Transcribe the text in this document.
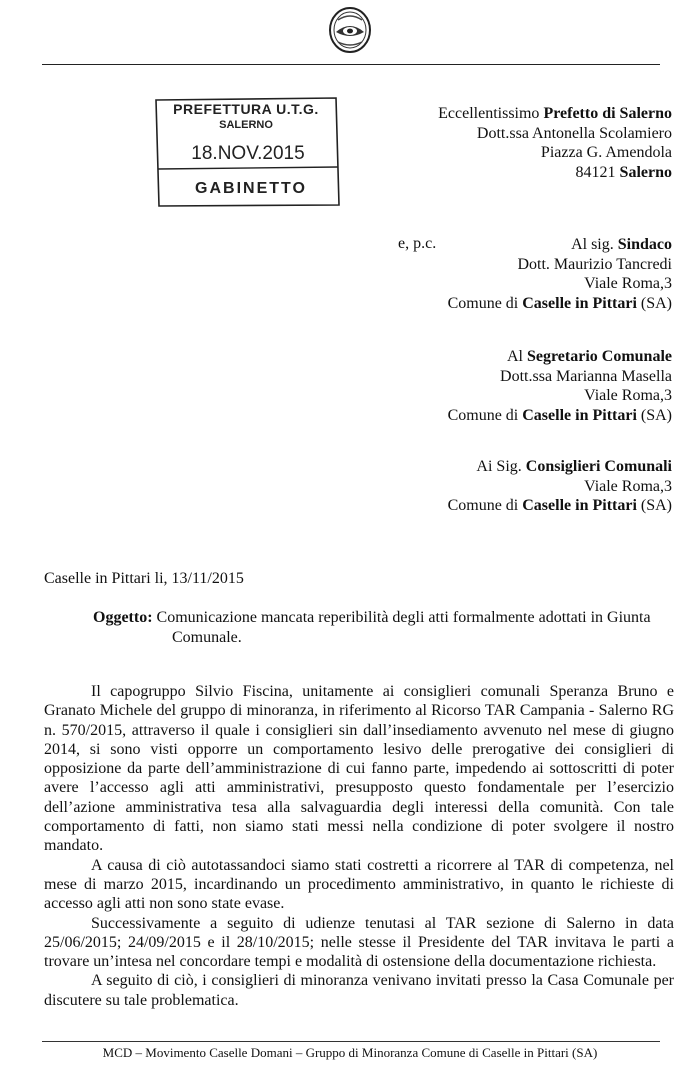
PREFETTURA U.T.G.
SALERNO
18.NOV.2015
GABINETTO
Eccellentissimo Prefetto di Salerno
Dott.ssa Antonella Scolamiero
Piazza G. Amendola
84121 Salerno
e, p.c.	Al sig. Sindaco
Dott. Maurizio Tancredi
Viale Roma,3
Comune di Caselle in Pittari (SA)
Al Segretario Comunale
Dott.ssa Marianna Masella
Viale Roma,3
Comune di Caselle in Pittari (SA)
Ai Sig. Consiglieri Comunali
Viale Roma,3
Comune di Caselle in Pittari (SA)
Caselle in Pittari li, 13/11/2015
Oggetto: Comunicazione mancata reperibilità degli atti formalmente adottati in Giunta
Comunale.

Il capogruppo Silvio Fiscina, unitamente ai consiglieri comunali Speranza Bruno e Granato Michele del gruppo di minoranza, in riferimento al Ricorso TAR Campania - Salerno RG n. 570/2015, attraverso il quale i consiglieri sin dall’insediamento avvenuto nel mese di giugno 2014, si sono visti opporre un comportamento lesivo delle prerogative dei consiglieri di opposizione da parte dell’amministrazione di cui fanno parte, impedendo ai sottoscritti di poter avere l’accesso agli atti amministrativi, presupposto questo fondamentale per l’esercizio dell’azione amministrativa tesa alla salvaguardia degli interessi della comunità. Con tale comportamento di fatti, non siamo stati messi nella condizione di poter svolgere il nostro mandato.

A causa di ciò autotassandoci siamo stati costretti a ricorrere al TAR di competenza, nel mese di marzo 2015, incardinando un procedimento amministrativo, in quanto le richieste di accesso agli atti non sono state evase.

Successivamente a seguito di udienze tenutasi al TAR sezione di Salerno in data 25/06/2015; 24/09/2015 e il 28/10/2015; nelle stesse il Presidente del TAR invitava le parti a trovare un’intesa nel concordare tempi e modalità di ostensione della documentazione richiesta.

A seguito di ciò, i consiglieri di minoranza venivano invitati presso la Casa Comunale per discutere su tale problematica.

MCD – Movimento Caselle Domani – Gruppo di Minoranza Comune di Caselle in Pittari (SA)
